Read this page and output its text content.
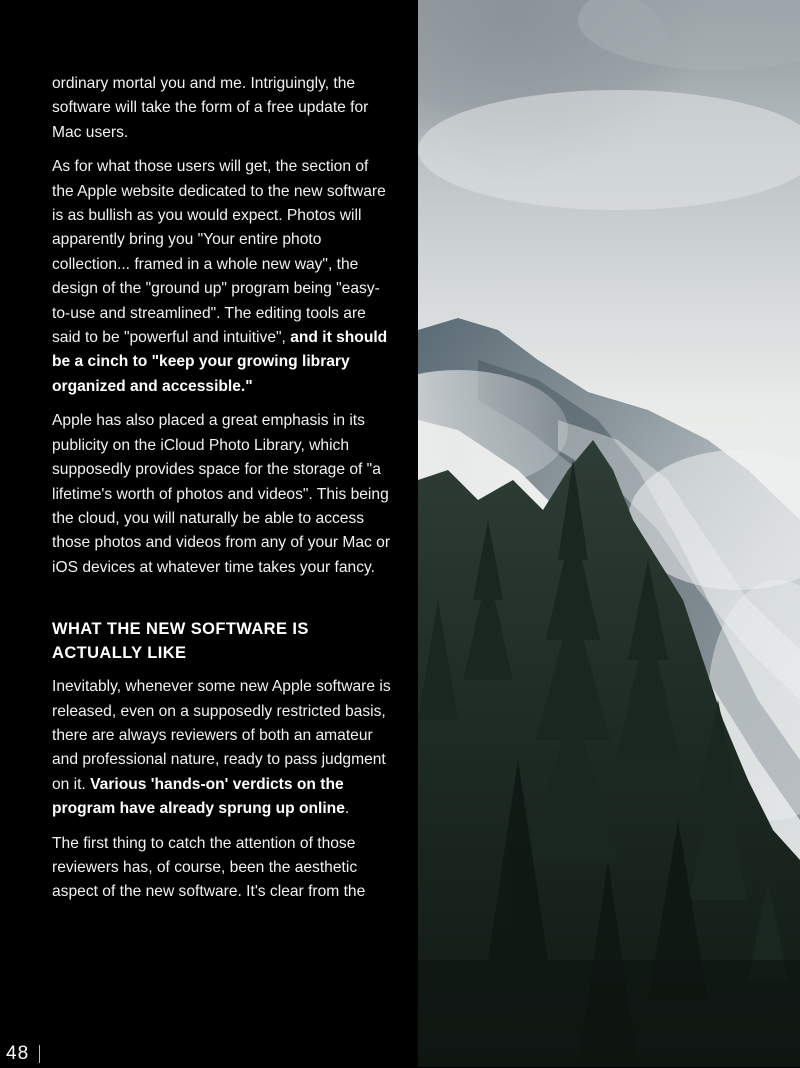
ordinary mortal you and me. Intriguingly, the software will take the form of a free update for Mac users.

As for what those users will get, the section of the Apple website dedicated to the new software is as bullish as you would expect. Photos will apparently bring you "Your entire photo collection... framed in a whole new way", the design of the "ground up" program being "easy-to-use and streamlined". The editing tools are said to be "powerful and intuitive", and it should be a cinch to "keep your growing library organized and accessible."

Apple has also placed a great emphasis in its publicity on the iCloud Photo Library, which supposedly provides space for the storage of "a lifetime's worth of photos and videos". This being the cloud, you will naturally be able to access those photos and videos from any of your Mac or iOS devices at whatever time takes your fancy.

WHAT THE NEW SOFTWARE IS ACTUALLY LIKE

Inevitably, whenever some new Apple software is released, even on a supposedly restricted basis, there are always reviewers of both an amateur and professional nature, ready to pass judgment on it. Various 'hands-on' verdicts on the program have already sprung up online.

The first thing to catch the attention of those reviewers has, of course, been the aesthetic aspect of the new software. It's clear from the

48
